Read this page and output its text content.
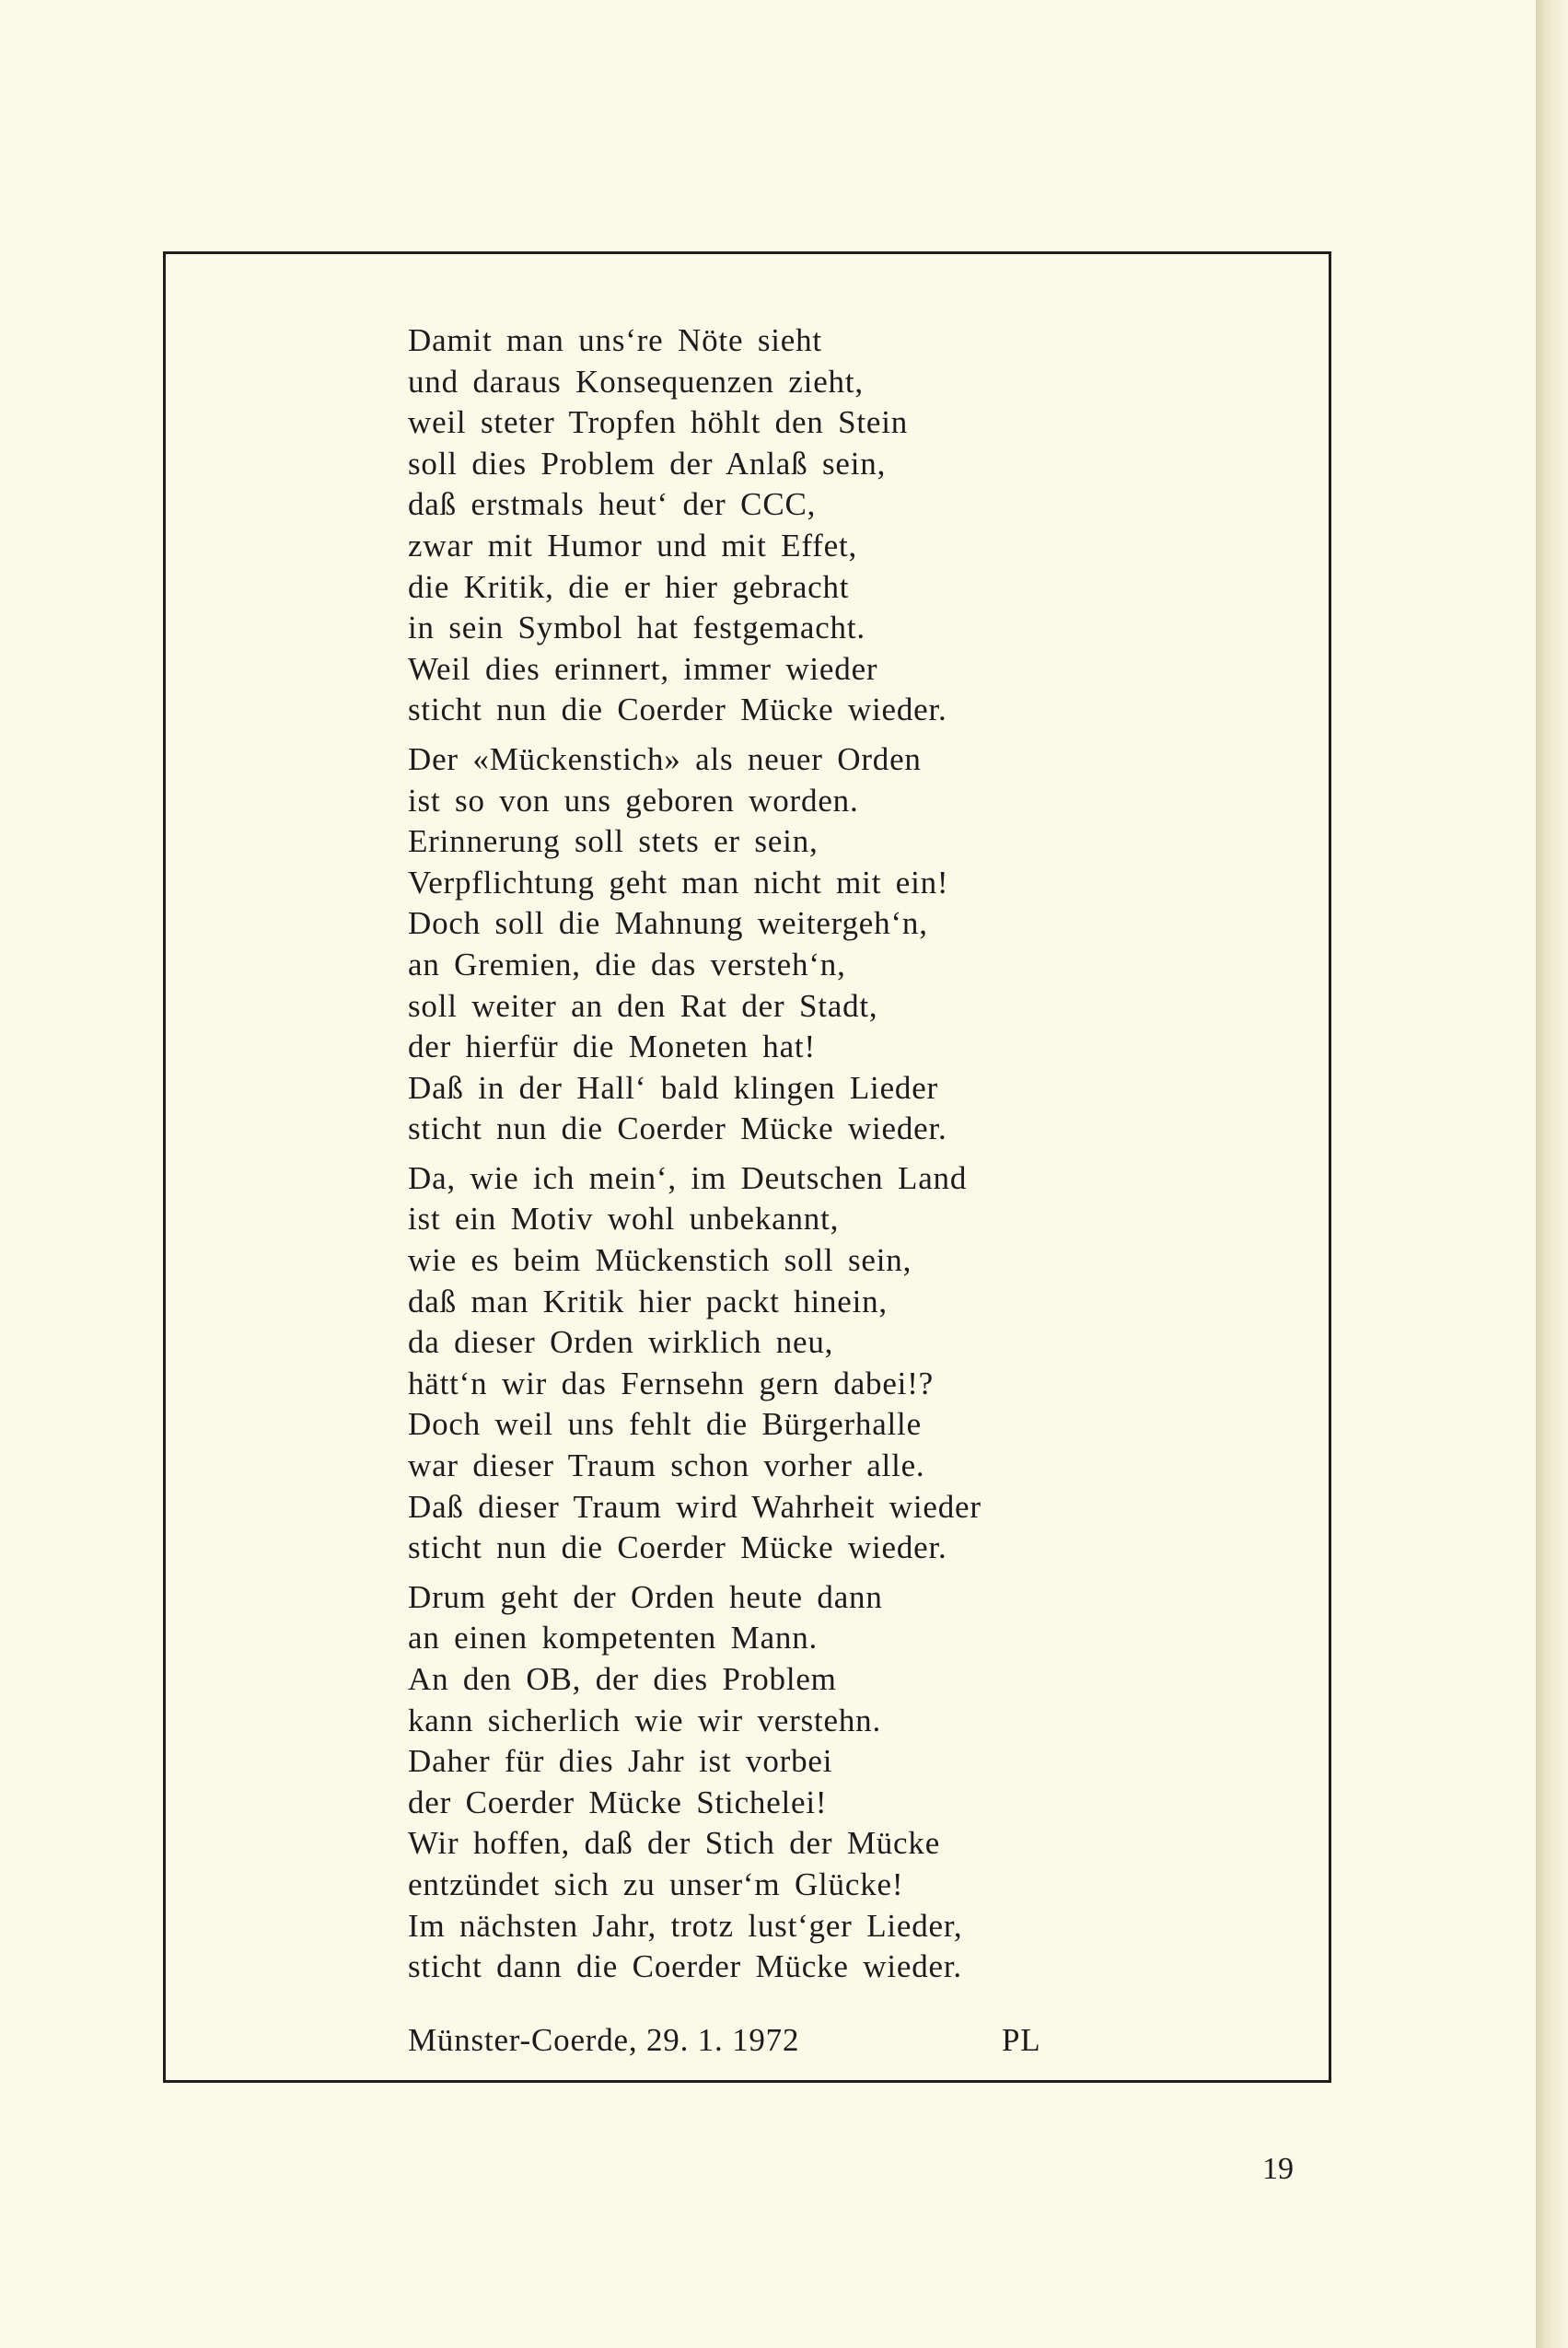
Damit man uns‘re Nöte sieht
und daraus Konsequenzen zieht,
weil steter Tropfen höhlt den Stein
soll dies Problem der Anlaß sein,
daß erstmals heut‘ der CCC,
zwar mit Humor und mit Effet,
die Kritik, die er hier gebracht
in sein Symbol hat festgemacht.
Weil dies erinnert, immer wieder
sticht nun die Coerder Mücke wieder.
Der «Mückenstich» als neuer Orden
ist so von uns geboren worden.
Erinnerung soll stets er sein,
Verpflichtung geht man nicht mit ein!
Doch soll die Mahnung weitergeh‘n,
an Gremien, die das versteh‘n,
soll weiter an den Rat der Stadt,
der hierfür die Moneten hat!
Daß in der Hall‘ bald klingen Lieder
sticht nun die Coerder Mücke wieder.
Da, wie ich mein‘, im Deutschen Land
ist ein Motiv wohl unbekannt,
wie es beim Mückenstich soll sein,
daß man Kritik hier packt hinein,
da dieser Orden wirklich neu,
hätt‘n wir das Fernsehn gern dabei!?
Doch weil uns fehlt die Bürgerhalle
war dieser Traum schon vorher alle.
Daß dieser Traum wird Wahrheit wieder
sticht nun die Coerder Mücke wieder.
Drum geht der Orden heute dann
an einen kompetenten Mann.
An den OB, der dies Problem
kann sicherlich wie wir verstehn.
Daher für dies Jahr ist vorbei
der Coerder Mücke Stichelei!
Wir hoffen, daß der Stich der Mücke
entzündet sich zu unser‘m Glücke!
Im nächsten Jahr, trotz lust‘ger Lieder,
sticht dann die Coerder Mücke wieder.
Münster-Coerde, 29. 1. 1972	PL
19
